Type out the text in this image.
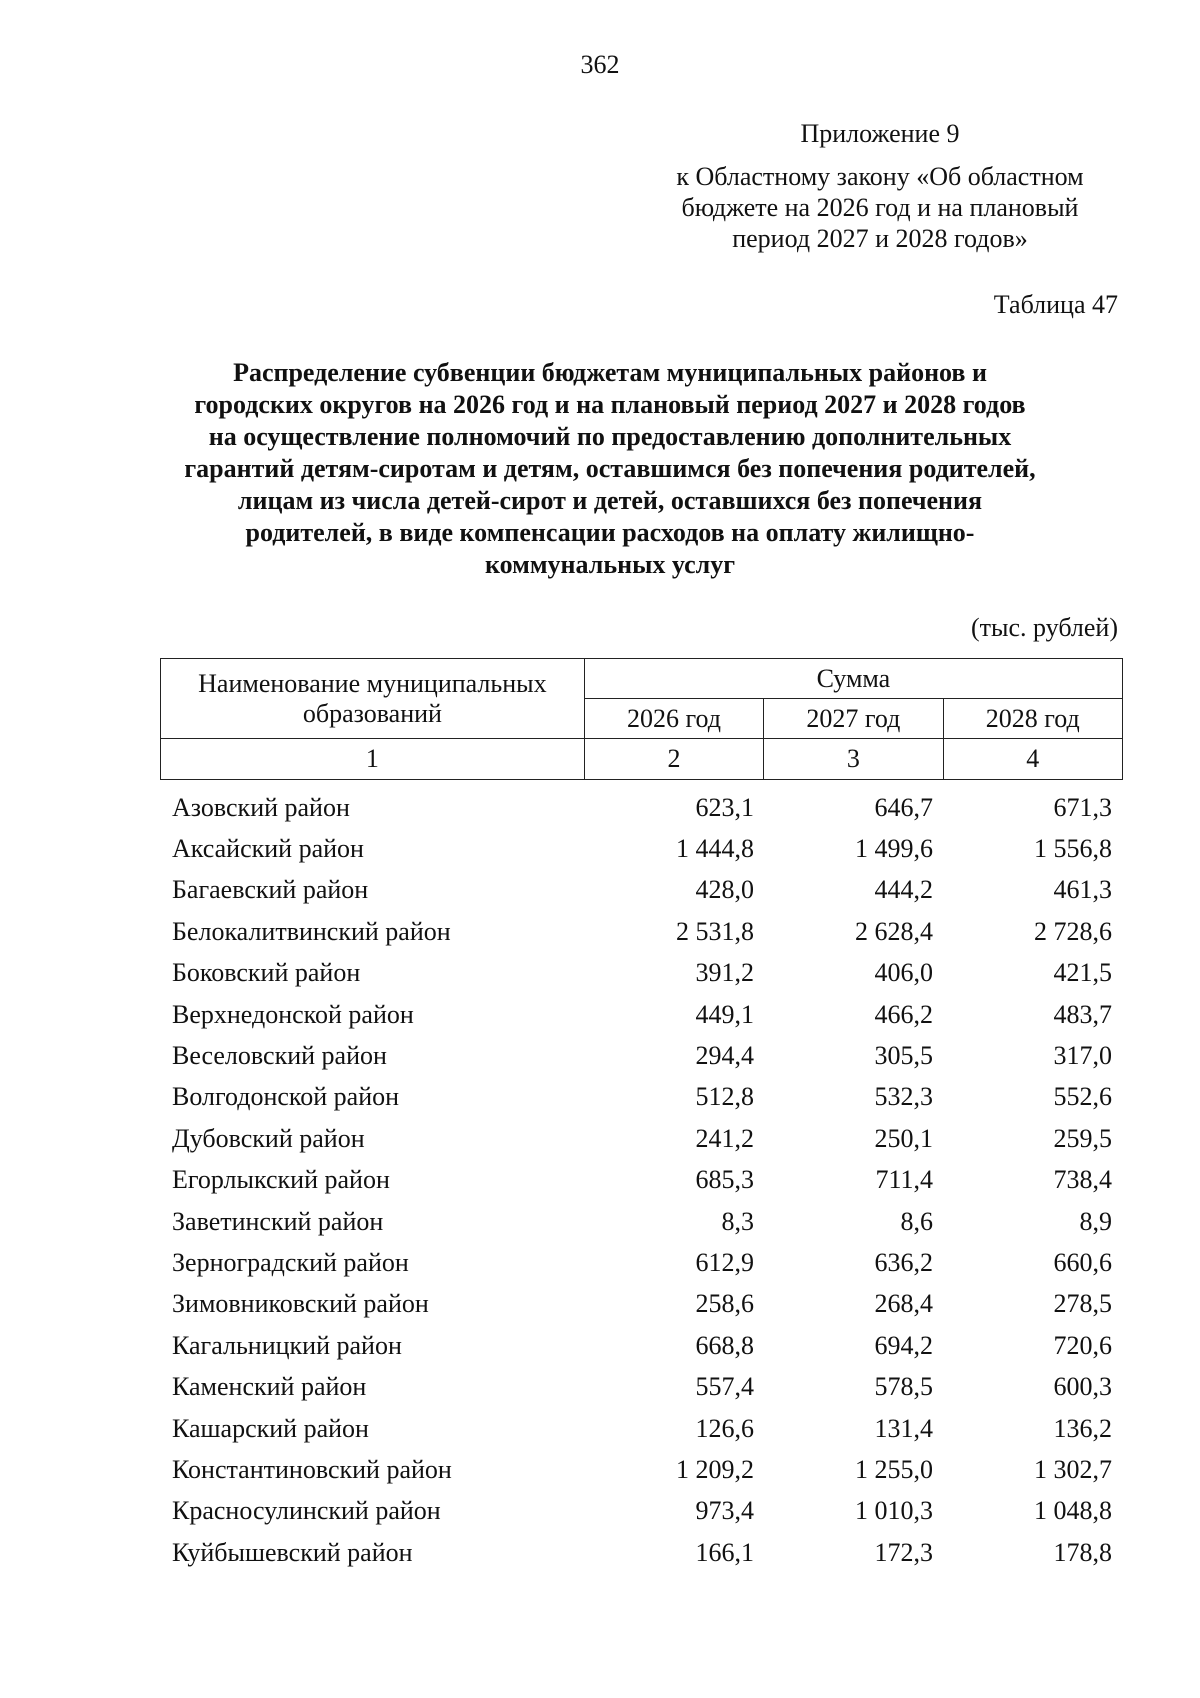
362
Приложение 9
к Областному закону «Об областном
бюджете на 2026 год и на плановый
период 2027 и 2028 годов»
Таблица 47
Распределение субвенции бюджетам муниципальных районов и
городских округов на 2026 год и на плановый период 2027 и 2028 годов
на осуществление полномочий по предоставлению дополнительных
гарантий детям-сиротам и детям, оставшимся без попечения родителей,
лицам из числа детей-сирот и детей, оставшихся без попечения
родителей, в виде компенсации расходов на оплату жилищно-
коммунальных услуг
(тыс. рублей)
Наименование муниципальных
образований	Сумма		
	2026 год	2027 год	2028 год
1	2	3	4
Азовский район	623,1	646,7	671,3
Аксайский район	1 444,8	1 499,6	1 556,8
Багаевский район	428,0	444,2	461,3
Белокалитвинский район	2 531,8	2 628,4	2 728,6
Боковский район	391,2	406,0	421,5
Верхнедонской район	449,1	466,2	483,7
Веселовский район	294,4	305,5	317,0
Волгодонской район	512,8	532,3	552,6
Дубовский район	241,2	250,1	259,5
Егорлыкский район	685,3	711,4	738,4
Заветинский район	8,3	8,6	8,9
Зерноградский район	612,9	636,2	660,6
Зимовниковский район	258,6	268,4	278,5
Кагальницкий район	668,8	694,2	720,6
Каменский район	557,4	578,5	600,3
Кашарский район	126,6	131,4	136,2
Константиновский район	1 209,2	1 255,0	1 302,7
Красносулинский район	973,4	1 010,3	1 048,8
Куйбышевский район	166,1	172,3	178,8
